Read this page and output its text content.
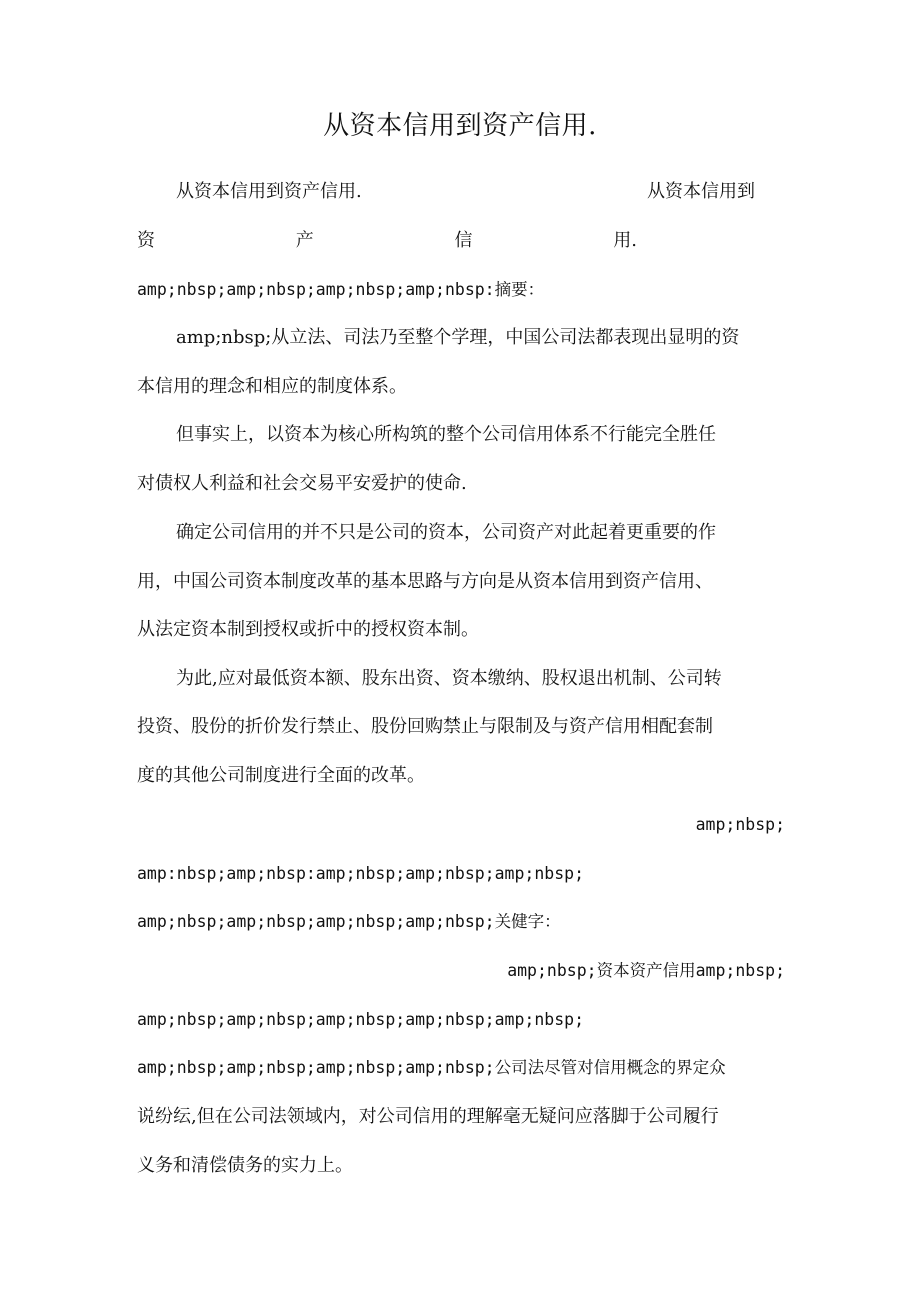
从资本信用到资产信用.
从资本信用到资产信用.	从资本信用到
资	产	信	用.
amp;nbsp;amp;nbsp;amp;nbsp;amp;nbsp:摘要：
amp;nbsp;从立法、司法乃至整个学理，中国公司法都表现出显明的资
本信用的理念和相应的制度体系。
但事实上，以资本为核心所构筑的整个公司信用体系不行能完全胜任
对债权人利益和社会交易平安爱护的使命.
确定公司信用的并不只是公司的资本，公司资产对此起着更重要的作
用，中国公司资本制度改革的基本思路与方向是从资本信用到资产信用、
从法定资本制到授权或折中的授权资本制。
为此,应对最低资本额、股东出资、资本缴纳、股权退出机制、公司转
投资、股份的折价发行禁止、股份回购禁止与限制及与资产信用相配套制
度的其他公司制度进行全面的改革。
amp;nbsp;
amp:nbsp;amp;nbsp:amp;nbsp;amp;nbsp;amp;nbsp;
amp;nbsp;amp;nbsp;amp;nbsp;amp;nbsp;关健字：
amp;nbsp;资本资产信用amp;nbsp;
amp;nbsp;amp;nbsp;amp;nbsp;amp;nbsp;amp;nbsp;
amp;nbsp;amp;nbsp;amp;nbsp;amp;nbsp;公司法尽管对信用概念的界定众
说纷纭,但在公司法领域内，对公司信用的理解毫无疑问应落脚于公司履行
义务和清偿债务的实力上。
